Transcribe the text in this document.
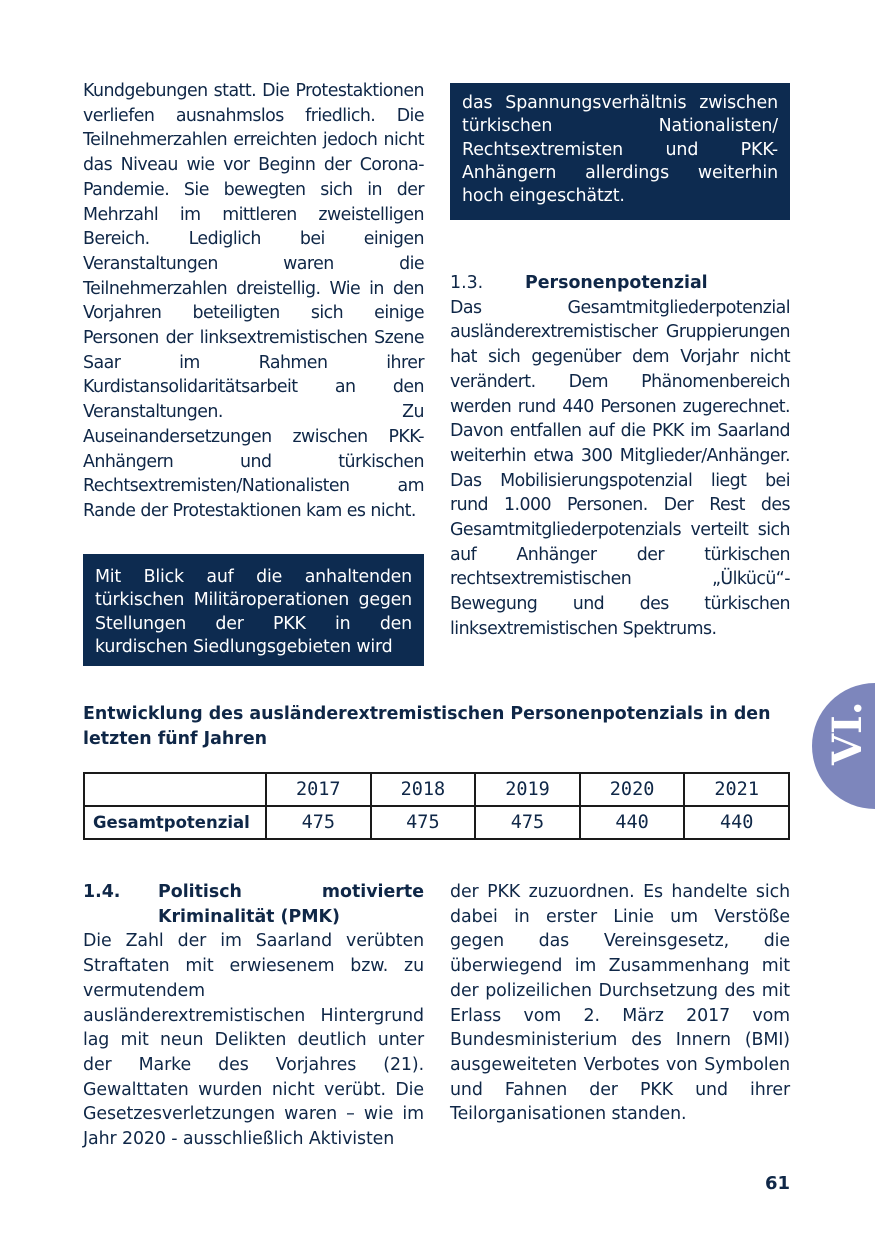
Kundgebungen statt. Die Protestaktionen verliefen ausnahmslos friedlich. Die Teilnehmerzahlen erreichten jedoch nicht das Niveau wie vor Beginn der Corona-Pandemie. Sie bewegten sich in der Mehrzahl im mittleren zweistelligen Bereich. Lediglich bei einigen Veranstaltungen waren die Teilnehmerzahlen dreistellig. Wie in den Vorjahren beteiligten sich einige Personen der linksextremistischen Szene Saar im Rahmen ihrer Kurdistansolidaritätsarbeit an den Veranstaltungen. Zu Auseinandersetzungen zwischen PKK-Anhängern und türkischen Rechtsextremisten/Nationalisten am Rande der Protestaktionen kam es nicht.

Mit Blick auf die anhaltenden türkischen Militäroperationen gegen Stellungen der PKK in den kurdischen Siedlungsgebieten wird
das Spannungsverhältnis zwischen türkischen Nationalisten/ Rechtsextremisten und PKK-Anhängern allerdings weiterhin hoch eingeschätzt.
1.3.	Personenpotenzial

Das Gesamtmitgliederpotenzial ausländerextremistischer Gruppierungen hat sich gegenüber dem Vorjahr nicht verändert. Dem Phänomenbereich werden rund 440 Personen zugerechnet. Davon entfallen auf die PKK im Saarland weiterhin etwa 300 Mitglieder/Anhänger. Das Mobilisierungspotenzial liegt bei rund 1.000 Personen. Der Rest des Gesamtmitgliederpotenzials verteilt sich auf Anhänger der türkischen rechtsextremistischen „Ülkücü“-Bewegung und des türkischen linksextremistischen Spektrums.

Entwicklung des ausländerextremistischen Personenpotenzials in den letzten fünf Jahren

	2017	2018	2019	2020	2021
Gesamtpotenzial	475	475	475	440	440
1.4.	Politisch motivierte Kriminalität (PMK)

Die Zahl der im Saarland verübten Straftaten mit erwiesenem bzw. zu vermutendem ausländerextremistischen Hintergrund lag mit neun Delikten deutlich unter der Marke des Vorjahres (21). Gewalttaten wurden nicht verübt. Die Gesetzesverletzungen waren – wie im Jahr 2020 - ausschließlich Aktivisten

der PKK zuzuordnen. Es handelte sich dabei in erster Linie um Verstöße gegen das Vereinsgesetz, die überwiegend im Zusammenhang mit der polizeilichen Durchsetzung des mit Erlass vom 2. März 2017 vom Bundesministerium des Innern (BMI) ausgeweiteten Verbotes von Symbolen und Fahnen der PKK und ihrer Teilorganisationen standen.

VI.
61
